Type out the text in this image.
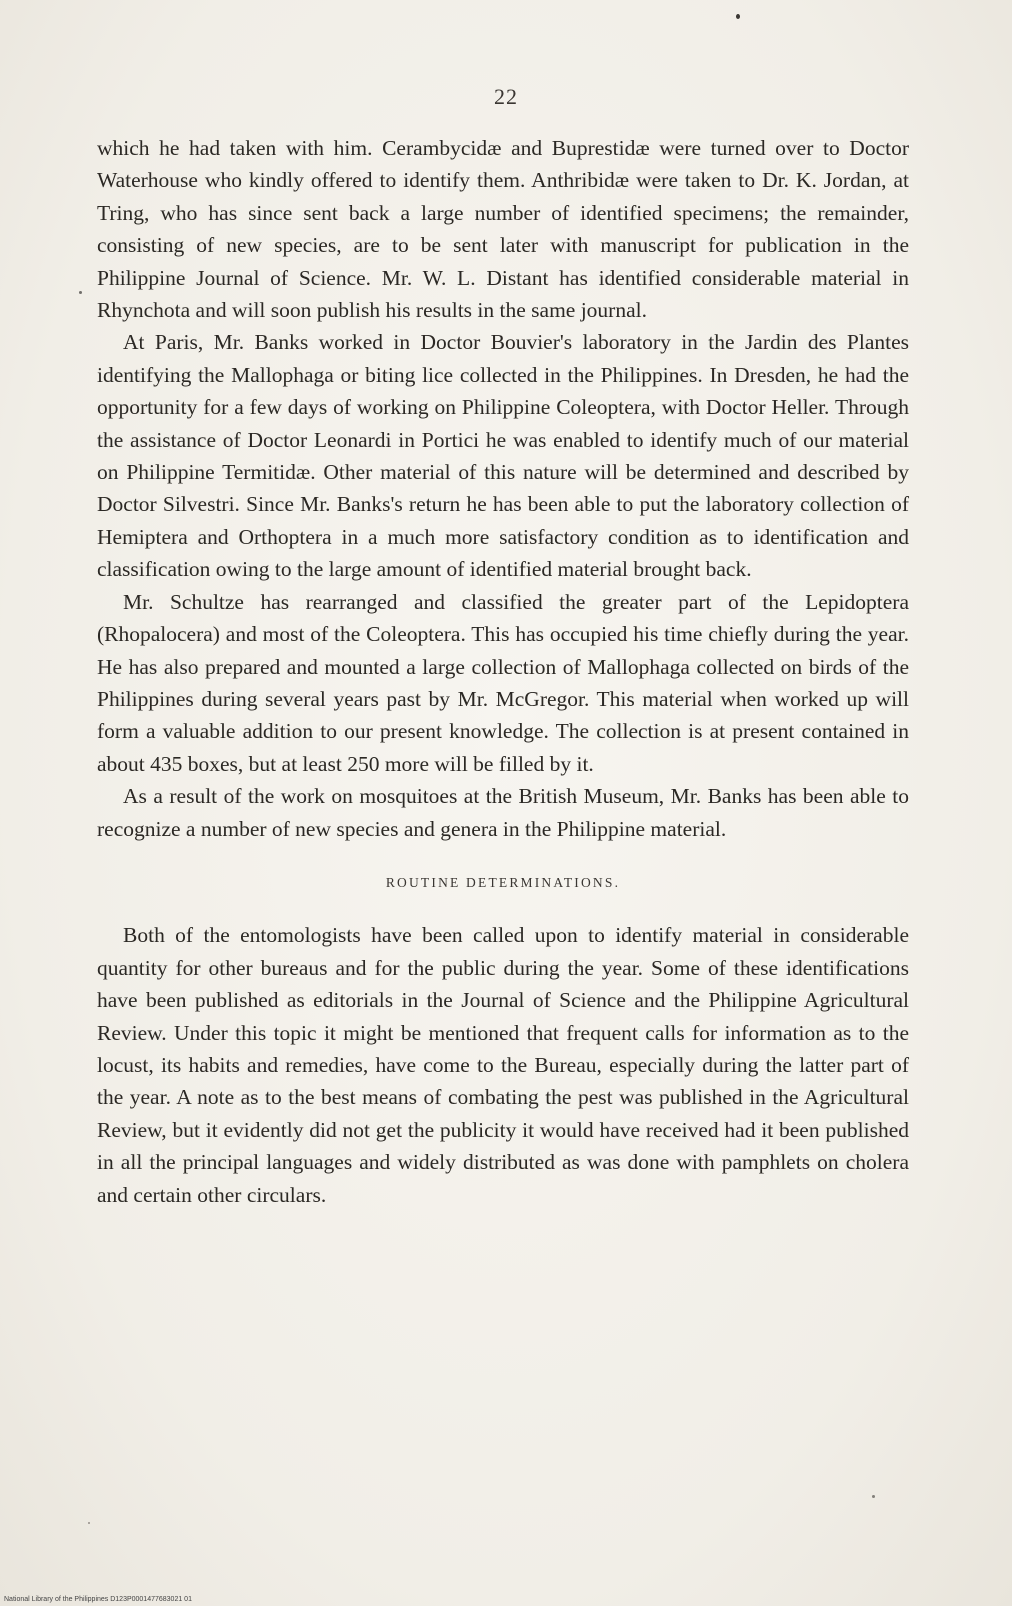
22

which he had taken with him. Cerambycidæ and Buprestidæ were turned over to Doctor Waterhouse who kindly offered to identify them. Anthribidæ were taken to Dr. K. Jordan, at Tring, who has since sent back a large number of identified specimens; the remainder, consisting of new species, are to be sent later with manuscript for publication in the Philippine Journal of Science. Mr. W. L. Distant has identified considerable material in Rhynchota and will soon publish his results in the same journal.

At Paris, Mr. Banks worked in Doctor Bouvier's laboratory in the Jardin des Plantes identifying the Mallophaga or biting lice collected in the Philippines. In Dresden, he had the opportunity for a few days of working on Philippine Coleoptera, with Doctor Heller. Through the assistance of Doctor Leonardi in Portici he was enabled to identify much of our material on Philippine Termitidæ. Other material of this nature will be determined and described by Doctor Silvestri. Since Mr. Banks's return he has been able to put the laboratory collection of Hemiptera and Orthoptera in a much more satisfactory condition as to identification and classification owing to the large amount of identified material brought back.

Mr. Schultze has rearranged and classified the greater part of the Lepidoptera (Rhopalocera) and most of the Coleoptera. This has occupied his time chiefly during the year. He has also prepared and mounted a large collection of Mallophaga collected on birds of the Philippines during several years past by Mr. McGregor. This material when worked up will form a valuable addition to our present knowledge. The collection is at present contained in about 435 boxes, but at least 250 more will be filled by it.

As a result of the work on mosquitoes at the British Museum, Mr. Banks has been able to recognize a number of new species and genera in the Philippine material.

ROUTINE DETERMINATIONS.

Both of the entomologists have been called upon to identify material in considerable quantity for other bureaus and for the public during the year. Some of these identifications have been published as editorials in the Journal of Science and the Philippine Agricultural Review. Under this topic it might be mentioned that frequent calls for information as to the locust, its habits and remedies, have come to the Bureau, especially during the latter part of the year. A note as to the best means of combating the pest was published in the Agricultural Review, but it evidently did not get the publicity it would have received had it been published in all the principal languages and widely distributed as was done with pamphlets on cholera and certain other circulars.

National Library of the Philippines D123P0001477683021 01
